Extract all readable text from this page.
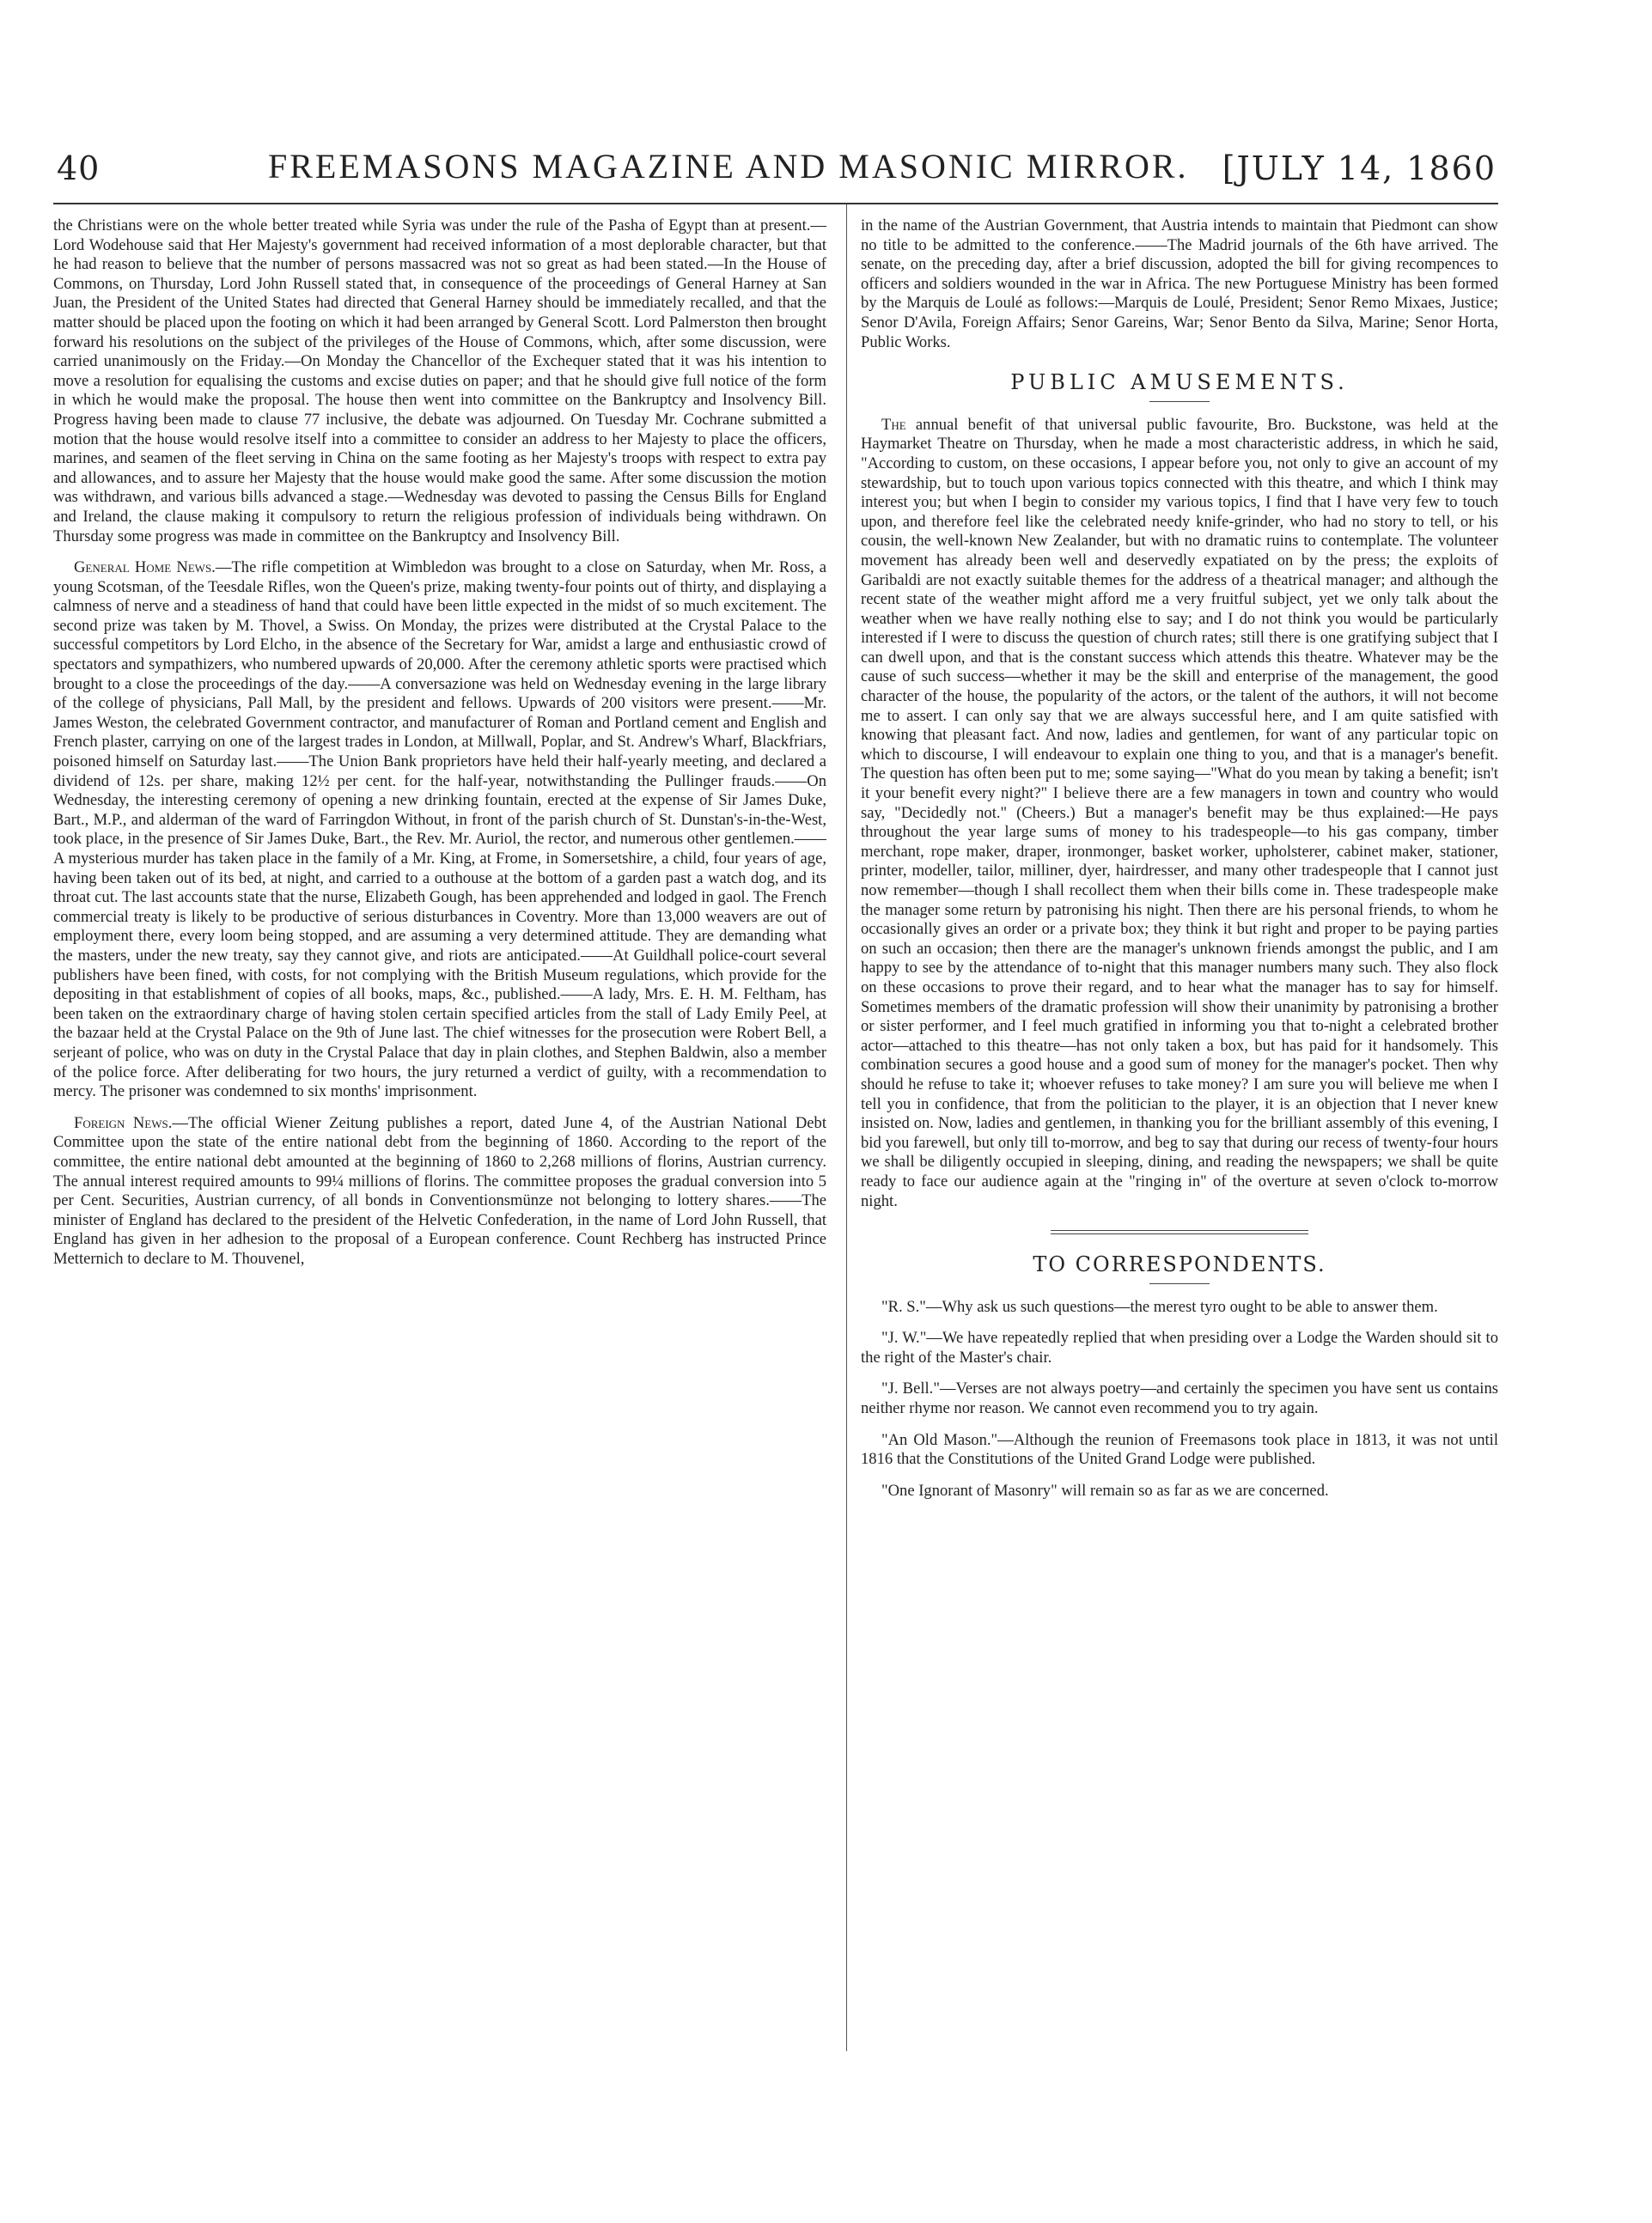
40	FREEMASONS MAGAZINE AND MASONIC MIRROR. [JULY 14, 1860

the Christians were on the whole better treated while Syria was under the rule of the Pasha of Egypt than at present.—Lord Wodehouse said that Her Majesty's government had received information of a most deplorable character, but that he had reason to believe that the number of persons massacred was not so great as had been stated.—In the House of Commons, on Thursday, Lord John Russell stated that, in consequence of the proceedings of General Harney at San Juan, the President of the United States had directed that General Harney should be immediately recalled, and that the matter should be placed upon the footing on which it had been arranged by General Scott. Lord Palmerston then brought forward his resolutions on the subject of the privileges of the House of Commons, which, after some discussion, were carried unanimously on the Friday.—On Monday the Chancellor of the Exchequer stated that it was his intention to move a resolution for equalising the customs and excise duties on paper; and that he should give full notice of the form in which he would make the proposal. The house then went into committee on the Bankruptcy and Insolvency Bill. Progress having been made to clause 77 inclusive, the debate was adjourned. On Tuesday Mr. Cochrane submitted a motion that the house would resolve itself into a committee to consider an address to her Majesty to place the officers, marines, and seamen of the fleet serving in China on the same footing as her Majesty's troops with respect to extra pay and allowances, and to assure her Majesty that the house would make good the same. After some discussion the motion was withdrawn, and various bills advanced a stage.—Wednesday was devoted to passing the Census Bills for England and Ireland, the clause making it compulsory to return the religious profession of individuals being withdrawn. On Thursday some progress was made in committee on the Bankruptcy and Insolvency Bill.

General Home News.—The rifle competition at Wimbledon was brought to a close on Saturday, when Mr. Ross, a young Scotsman, of the Teesdale Rifles, won the Queen's prize, making twenty-four points out of thirty, and displaying a calmness of nerve and a steadiness of hand that could have been little expected in the midst of so much excitement. The second prize was taken by M. Thovel, a Swiss. On Monday, the prizes were distributed at the Crystal Palace to the successful competitors by Lord Elcho, in the absence of the Secretary for War, amidst a large and enthusiastic crowd of spectators and sympathizers, who numbered upwards of 20,000. After the ceremony athletic sports were practised which brought to a close the proceedings of the day.——A conversazione was held on Wednesday evening in the large library of the college of physicians, Pall Mall, by the president and fellows. Upwards of 200 visitors were present.——Mr. James Weston, the celebrated Government contractor, and manufacturer of Roman and Portland cement and English and French plaster, carrying on one of the largest trades in London, at Millwall, Poplar, and St. Andrew's Wharf, Blackfriars, poisoned himself on Saturday last.——The Union Bank proprietors have held their half-yearly meeting, and declared a dividend of 12s. per share, making 12½ per cent. for the half-year, notwithstanding the Pullinger frauds.——On Wednesday, the interesting ceremony of opening a new drinking fountain, erected at the expense of Sir James Duke, Bart., M.P., and alderman of the ward of Farringdon Without, in front of the parish church of St. Dunstan's-in-the-West, took place, in the presence of Sir James Duke, Bart., the Rev. Mr. Auriol, the rector, and numerous other gentlemen.——A mysterious murder has taken place in the family of a Mr. King, at Frome, in Somersetshire, a child, four years of age, having been taken out of its bed, at night, and carried to a outhouse at the bottom of a garden past a watch dog, and its throat cut. The last accounts state that the nurse, Elizabeth Gough, has been apprehended and lodged in gaol. The French commercial treaty is likely to be productive of serious disturbances in Coventry. More than 13,000 weavers are out of employment there, every loom being stopped, and are assuming a very determined attitude. They are demanding what the masters, under the new treaty, say they cannot give, and riots are anticipated.——At Guildhall police-court several publishers have been fined, with costs, for not complying with the British Museum regulations, which provide for the depositing in that establishment of copies of all books, maps, &c., published.——A lady, Mrs. E. H. M. Feltham, has been taken on the extraordinary charge of having stolen certain specified articles from the stall of Lady Emily Peel, at the bazaar held at the Crystal Palace on the 9th of June last. The chief witnesses for the prosecution were Robert Bell, a serjeant of police, who was on duty in the Crystal Palace that day in plain clothes, and Stephen Baldwin, also a member of the police force. After deliberating for two hours, the jury returned a verdict of guilty, with a recommendation to mercy. The prisoner was condemned to six months' imprisonment.

Foreign News.—The official Wiener Zeitung publishes a report, dated June 4, of the Austrian National Debt Committee upon the state of the entire national debt from the beginning of 1860. According to the report of the committee, the entire national debt amounted at the beginning of 1860 to 2,268 millions of florins, Austrian currency. The annual interest required amounts to 99¼ millions of florins. The committee proposes the gradual conversion into 5 per Cent. Securities, Austrian currency, of all bonds in Conventionsmünze not belonging to lottery shares.——The minister of England has declared to the president of the Helvetic Confederation, in the name of Lord John Russell, that England has given in her adhesion to the proposal of a European conference. Count Rechberg has instructed Prince Metternich to declare to M. Thouvenel,

in the name of the Austrian Government, that Austria intends to maintain that Piedmont can show no title to be admitted to the conference.——The Madrid journals of the 6th have arrived. The senate, on the preceding day, after a brief discussion, adopted the bill for giving recompences to officers and soldiers wounded in the war in Africa. The new Portuguese Ministry has been formed by the Marquis de Loulé as follows:—Marquis de Loulé, President; Senor Remo Mixaes, Justice; Senor D'Avila, Foreign Affairs; Senor Gareins, War; Senor Bento da Silva, Marine; Senor Horta, Public Works.

PUBLIC AMUSEMENTS.

The annual benefit of that universal public favourite, Bro. Buckstone, was held at the Haymarket Theatre on Thursday, when he made a most characteristic address, in which he said, "According to custom, on these occasions, I appear before you, not only to give an account of my stewardship, but to touch upon various topics connected with this theatre, and which I think may interest you; but when I begin to consider my various topics, I find that I have very few to touch upon, and therefore feel like the celebrated needy knife-grinder, who had no story to tell, or his cousin, the well-known New Zealander, but with no dramatic ruins to contemplate. The volunteer movement has already been well and deservedly expatiated on by the press; the exploits of Garibaldi are not exactly suitable themes for the address of a theatrical manager; and although the recent state of the weather might afford me a very fruitful subject, yet we only talk about the weather when we have really nothing else to say; and I do not think you would be particularly interested if I were to discuss the question of church rates; still there is one gratifying subject that I can dwell upon, and that is the constant success which attends this theatre. Whatever may be the cause of such success—whether it may be the skill and enterprise of the management, the good character of the house, the popularity of the actors, or the talent of the authors, it will not become me to assert. I can only say that we are always successful here, and I am quite satisfied with knowing that pleasant fact. And now, ladies and gentlemen, for want of any particular topic on which to discourse, I will endeavour to explain one thing to you, and that is a manager's benefit. The question has often been put to me; some saying—"What do you mean by taking a benefit; isn't it your benefit every night?" I believe there are a few managers in town and country who would say, "Decidedly not." (Cheers.) But a manager's benefit may be thus explained:—He pays throughout the year large sums of money to his tradespeople—to his gas company, timber merchant, rope maker, draper, ironmonger, basket worker, upholsterer, cabinet maker, stationer, printer, modeller, tailor, milliner, dyer, hairdresser, and many other tradespeople that I cannot just now remember—though I shall recollect them when their bills come in. These tradespeople make the manager some return by patronising his night. Then there are his personal friends, to whom he occasionally gives an order or a private box; they think it but right and proper to be paying parties on such an occasion; then there are the manager's unknown friends amongst the public, and I am happy to see by the attendance of to-night that this manager numbers many such. They also flock on these occasions to prove their regard, and to hear what the manager has to say for himself. Sometimes members of the dramatic profession will show their unanimity by patronising a brother or sister performer, and I feel much gratified in informing you that to-night a celebrated brother actor—attached to this theatre—has not only taken a box, but has paid for it handsomely. This combination secures a good house and a good sum of money for the manager's pocket. Then why should he refuse to take it; whoever refuses to take money? I am sure you will believe me when I tell you in confidence, that from the politician to the player, it is an objection that I never knew insisted on. Now, ladies and gentlemen, in thanking you for the brilliant assembly of this evening, I bid you farewell, but only till to-morrow, and beg to say that during our recess of twenty-four hours we shall be diligently occupied in sleeping, dining, and reading the newspapers; we shall be quite ready to face our audience again at the "ringing in" of the overture at seven o'clock to-morrow night.

TO CORRESPONDENTS.

"R. S."—Why ask us such questions—the merest tyro ought to be able to answer them.

"J. W."—We have repeatedly replied that when presiding over a Lodge the Warden should sit to the right of the Master's chair.

"J. Bell."—Verses are not always poetry—and certainly the specimen you have sent us contains neither rhyme nor reason. We cannot even recommend you to try again.

"An Old Mason."—Although the reunion of Freemasons took place in 1813, it was not until 1816 that the Constitutions of the United Grand Lodge were published.

"One Ignorant of Masonry" will remain so as far as we are concerned.
